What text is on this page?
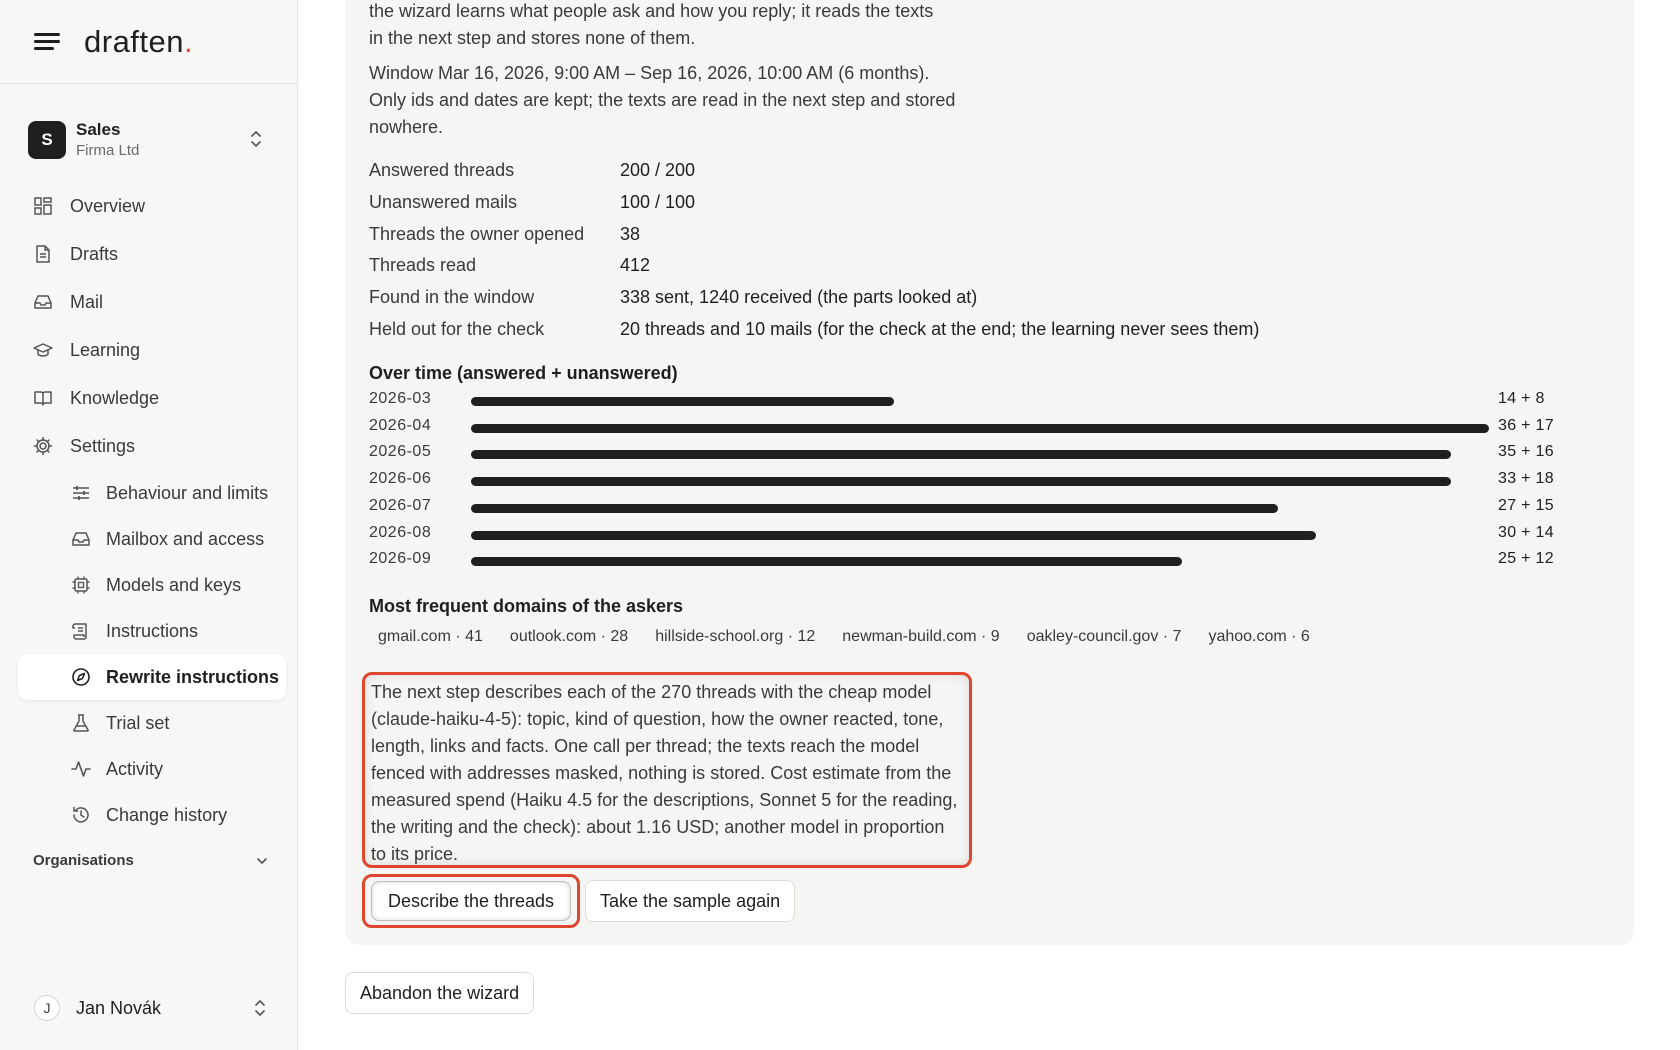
draften.
S
Sales
Firma Ltd
Overview
Drafts
Mail
Learning
Knowledge
Settings
Behaviour and limits
Mailbox and access
Models and keys
Instructions
Rewrite instructions
Trial set
Activity
Change history
Organisations
J	Jan Novák
the wizard learns what people ask and how you reply; it reads the texts
in the next step and stores none of them.
Window Mar 16, 2026, 9:00 AM – Sep 16, 2026, 10:00 AM (6 months). Only ids and dates are kept; the texts are read in the next step and stored nowhere.
Answered threads	200 / 200
Unanswered mails	100 / 100
Threads the owner opened	38
Threads read	412
Found in the window	338 sent, 1240 received (the parts looked at)
Held out for the check	20 threads and 10 mails (for the check at the end; the learning never sees them)
Over time (answered + unanswered)
2026-03	14 + 8
2026-04	36 + 17
2026-05	35 + 16
2026-06	33 + 18
2026-07	27 + 15
2026-08	30 + 14
2026-09	25 + 12
Most frequent domains of the askers
gmail.com · 41 outlook.com · 28 hillside-school.org · 12 newman-build.com · 9 oakley-council.gov · 7 yahoo.com · 6

The next step describes each of the 270 threads with the cheap model (claude-haiku-4-5): topic, kind of question, how the owner reacted, tone, length, links and facts. One call per thread; the texts reach the model fenced with addresses masked, nothing is stored. Cost estimate from the measured spend (Haiku 4.5 for the descriptions, Sonnet 5 for the reading, the writing and the check): about 1.16 USD; another model in proportion to its price.

Describe the threads	Take the sample again
Abandon the wizard
